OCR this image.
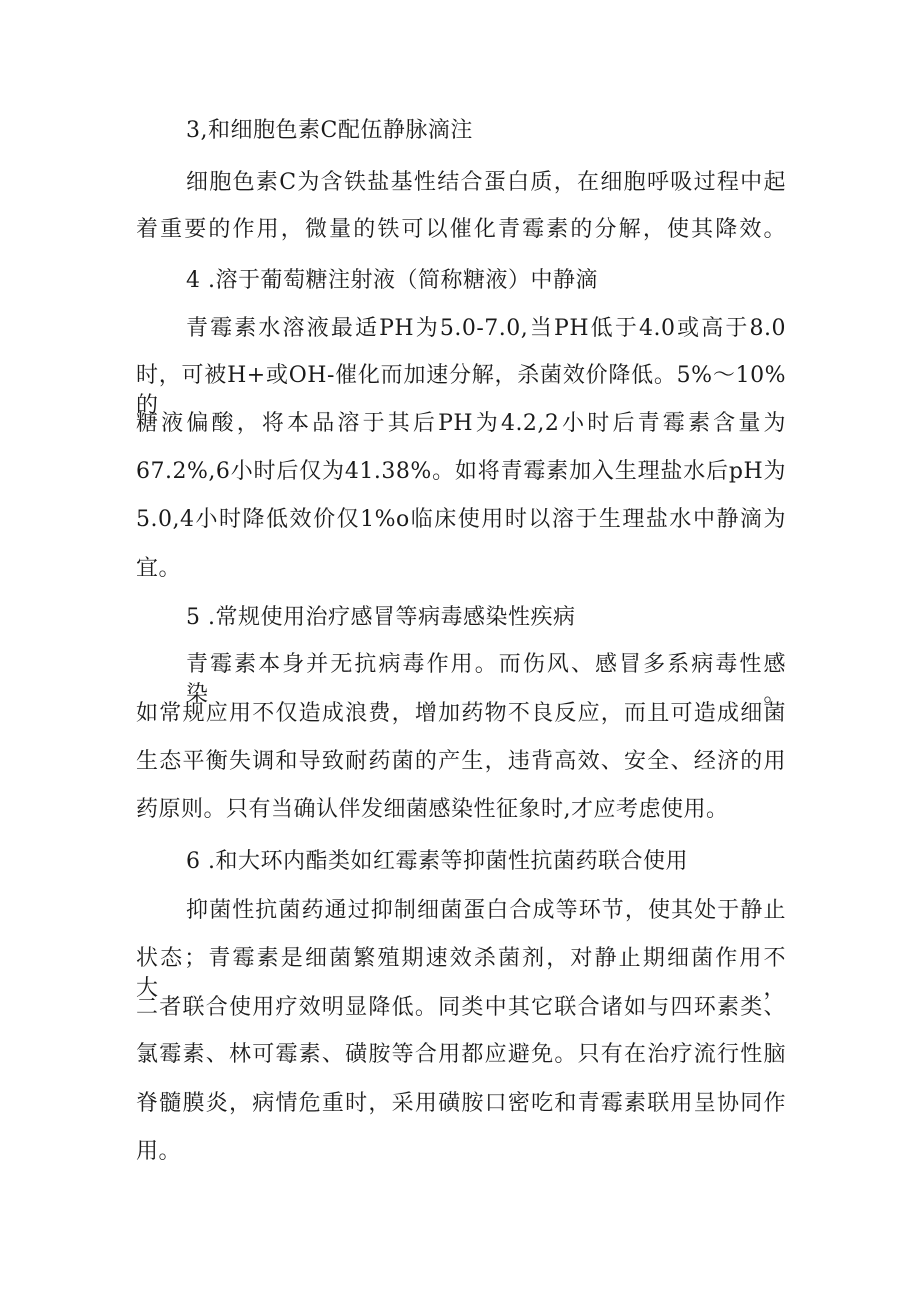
3,和细胞色素C配伍静脉滴注
细胞色素C为含铁盐基性结合蛋白质，在细胞呼吸过程中起
着重要的作用，微量的铁可以催化青霉素的分解，使其降效。
4 .溶于葡萄糖注射液（简称糖液）中静滴
青霉素水溶液最适PH为5.0-7.0,当PH低于4.0或高于8.0
时，可被H+或OH-催化而加速分解，杀菌效价降低。5%～10%的
糖液偏酸，将本品溶于其后PH为4.2,2小时后青霉素含量为
67.2%,6小时后仅为41.38%。如将青霉素加入生理盐水后pH为
5.0,4小时降低效价仅1%o临床使用时以溶于生理盐水中静滴为
宜。
5 .常规使用治疗感冒等病毒感染性疾病
青霉素本身并无抗病毒作用。而伤风、感冒多系病毒性感染。
如常规应用不仅造成浪费，增加药物不良反应，而且可造成细菌
生态平衡失调和导致耐药菌的产生，违背高效、安全、经济的用
药原则。只有当确认伴发细菌感染性征象时,才应考虑使用。
6 .和大环内酯类如红霉素等抑菌性抗菌药联合使用
抑菌性抗菌药通过抑制细菌蛋白合成等环节，使其处于静止
状态；青霉素是细菌繁殖期速效杀菌剂，对静止期细菌作用不大，
二者联合使用疗效明显降低。同类中其它联合诸如与四环素类、
氯霉素、林可霉素、磺胺等合用都应避免。只有在治疗流行性脑
脊髓膜炎，病情危重时，采用磺胺口密吃和青霉素联用呈协同作
用。
